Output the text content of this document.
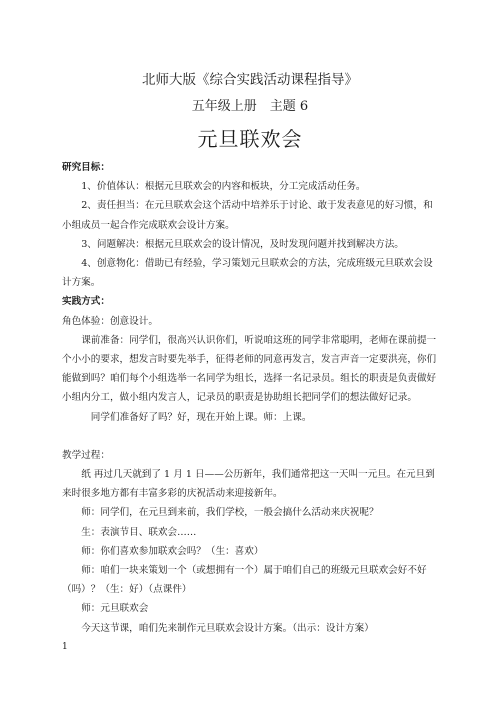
北师大版《综合实践活动课程指导》
五年级上册　主题 6
元旦联欢会

研究目标：

1、价值体认：根据元旦联欢会的内容和板块，分工完成活动任务。

2、责任担当：在元旦联欢会这个活动中培养乐于讨论、敢于发表意见的好习惯，和小组成员一起合作完成联欢会设计方案。

3、问题解决：根据元旦联欢会的设计情况，及时发现问题并找到解决方法。

4、创意物化：借助已有经验，学习策划元旦联欢会的方法，完成班级元旦联欢会设计方案。

实践方式：

角色体验：创意设计。

课前准备：同学们，很高兴认识你们，听说咱这班的同学非常聪明，老师在课前提一个小小的要求，想发言时要先举手，征得老师的同意再发言，发言声音一定要洪亮，你们能做到吗？咱们每个小组选举一名同学为组长，选择一名记录员。组长的职责是负责做好小组内分工，做小组内发言人，记录员的职责是协助组长把同学们的想法做好记录。

同学们准备好了吗？好，现在开始上课。师：上课。

教学过程：

纸 再过几天就到了 1 月 1 日——公历新年，我们通常把这一天叫一元旦。在元旦到来时很多地方都有丰富多彩的庆祝活动来迎接新年。

师：同学们，在元旦到来前，我们学校，一般会搞什么活动来庆祝呢？

生：表演节目、联欢会……

师：你们喜欢参加联欢会吗？（生：喜欢）

师：咱们一块来策划一个（或想拥有一个）属于咱们自己的班级元旦联欢会好不好（吗）？（生：好）（点课件）

师：元旦联欢会

今天这节课，咱们先来制作元旦联欢会设计方案。（出示：设计方案）

1
